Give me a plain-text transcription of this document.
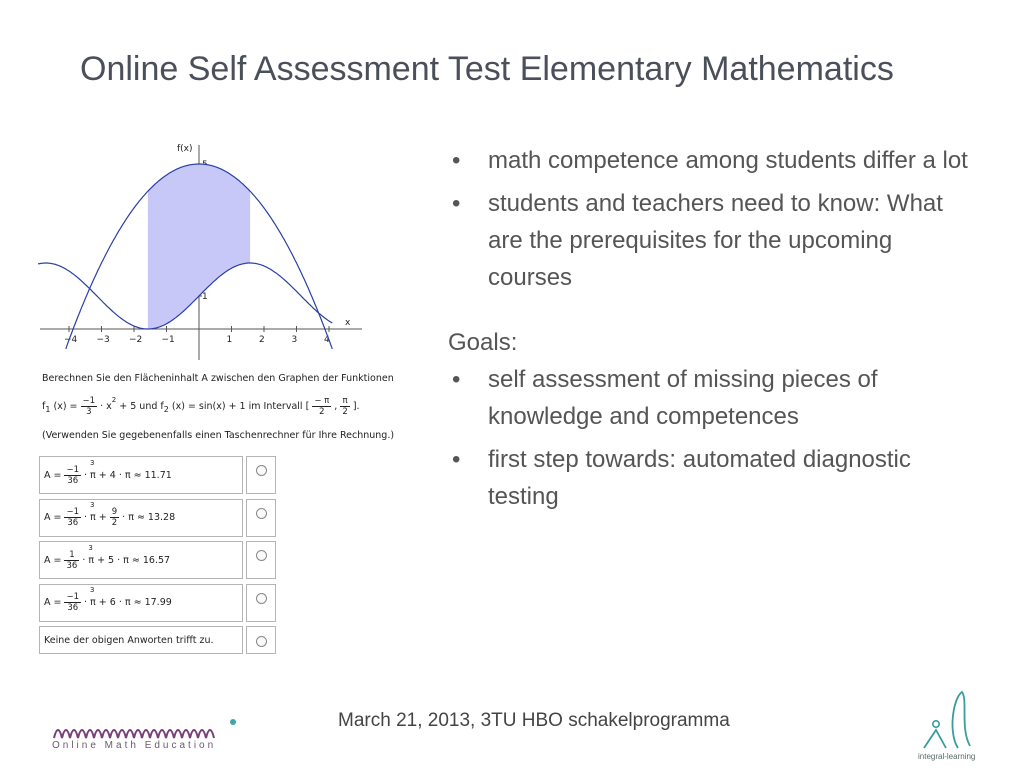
Online Self Assessment Test Elementary Mathematics
−4 −3 −2 −1	1	2	3	4
1
f(x)
x
Berechnen Sie den Flächeninhalt A zwischen den Graphen der Funktionen
$f_1$ $(x) = \frac{-1}{3} \cdot x^2 + 5$ und $f_2$ (x) = sin(x) + 1 im Intervall [ $\frac{- \pi}{2}$ , $\frac{\pi}{2}$ ].
(Verwenden Sie gegebenenfalls einen Taschenrechner für Ihre Rechnung.)
$A = \frac{-1}{36} \cdot \pi$
3
+ 4 · π ≈ 11.71
$A = \frac{-1}{36} \cdot \pi$
3
+ $\frac{9}{2} \cdot \pi \approx 13.28$
$A = \frac{1}{36} \cdot \pi$
3
+ 5 · π ≈ 16.57
$A = \frac{-1}{36} \cdot \pi$
3
+ 6 · π ≈ 17.99
Keine der obigen Anworten trifft zu.
• math competence among students differ a lot
• students and teachers need to know: What are the prerequisites for the upcoming courses
Goals:
• self assessment of missing pieces of knowledge and competences
• first step towards: automated diagnostic testing
Online Math Education
March 21, 2013, 3TU HBO schakelprogramma
integral-learning
